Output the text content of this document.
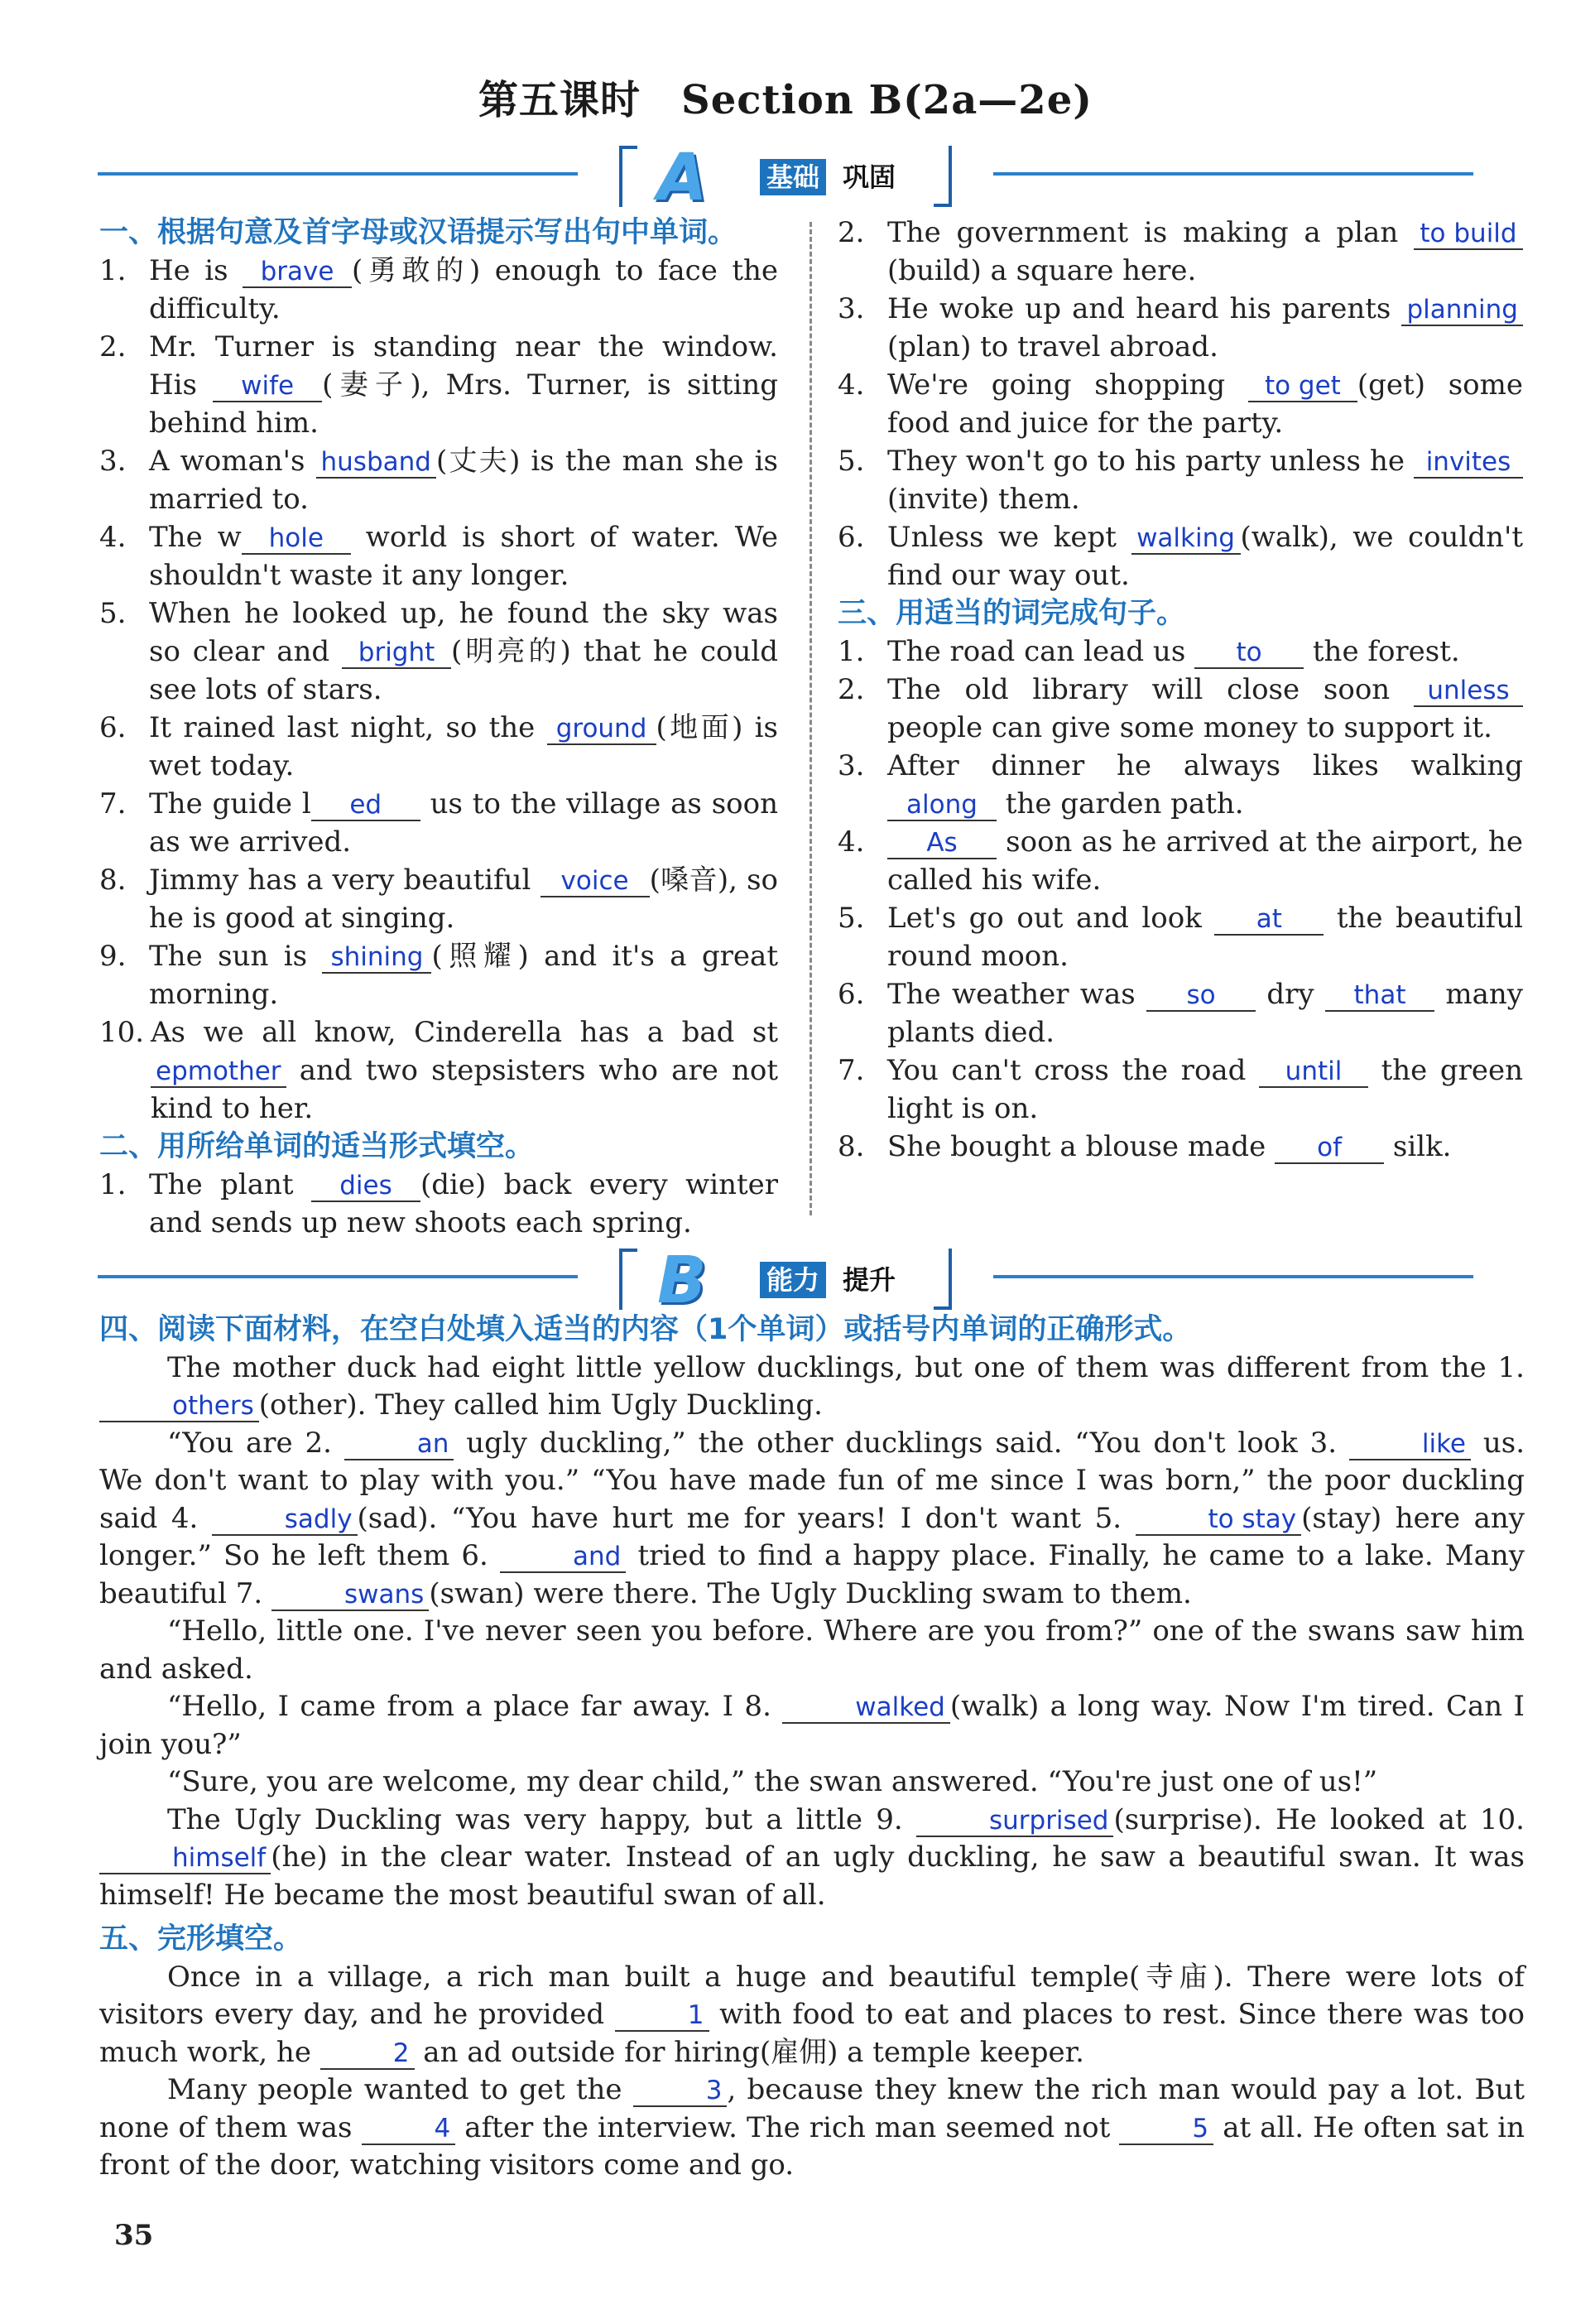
第五课时　Section B(2a—2e)
A 基础 巩固
一、根据句意及首字母或汉语提示写出句中单词。
1. He is brave (勇敢的) enough to face the difficulty.
2. Mr. Turner is standing near the window. His wife (妻子), Mrs. Turner, is sitting behind him.
3. A woman's husband (丈夫) is the man she is married to.
4. The w hole world is short of water. We shouldn't waste it any longer.
5. When he looked up, he found the sky was so clear and bright (明亮的) that he could see lots of stars.
6. It rained last night, so the ground (地面) is wet today.
7. The guide l ed us to the village as soon as we arrived.
8. Jimmy has a very beautiful voice (嗓音), so he is good at singing.
9. The sun is shining (照耀) and it's a great morning.
10. As we all know, Cinderella has a bad stepmother and two stepsisters who are not kind to her.
二、用所给单词的适当形式填空。
1. The plant dies (die) back every winter and sends up new shoots each spring.
2. The government is making a plan to build(build) a square here.
3. He woke up and heard his parents planning(plan) to travel abroad.
4. We're going shopping to get (get) some food and juice for the party.
5. They won't go to his party unless he invites(invite) them.
6. Unless we kept walking (walk), we couldn't find our way out.
三、用适当的词完成句子。
1. The road can lead us to the forest.
2. The old library will close soon unless people can give some money to support it.
3. After dinner he always likes walking along the garden path.
4.	As soon as he arrived at the airport, he called his wife.
5. Let's go out and look at the beautiful round moon.
6. The weather was so dry that many plants died.
7. You can't cross the road until the green light is on.
8. She bought a blouse made of silk.
B 能力 提升
四、阅读下面材料，在空白处填入适当的内容（1个单词）或括号内单词的正确形式。

The mother duck had eight little yellow ducklings, but one of them was different from the 1. others (other). They called him Ugly Duckling.

“You are 2.	an ugly duckling,” the other ducklings said. “You don't look 3.	like us. We don't want to play with you.” “You have made fun of me since I was born,” the poor duckling said 4.	sadly (sad). “You have hurt me for years! I don't want 5.	to stay (stay) here any longer.” So he left them 6.	and tried to find a happy place. Finally, he came to a lake. Many beautiful 7.	swans (swan) were there. The Ugly Duckling swam to them.

“Hello, little one. I've never seen you before. Where are you from?” one of the swans saw him and asked.

“Hello, I came from a place far away. I 8.	walked (walk) a long way. Now I'm tired. Can I join you?”

“Sure, you are welcome, my dear child,” the swan answered. “You're just one of us!”

The Ugly Duckling was very happy, but a little 9.	surprised (surprise). He looked at 10. himself (he) in the clear water. Instead of an ugly duckling, he saw a beautiful swan. It was himself! He became the most beautiful swan of all.

五、完形填空。

Once in a village, a rich man built a huge and beautiful temple(寺庙). There were lots of visitors every day, and he provided	1 with food to eat and places to rest. Since there was too much work, he	2 an ad outside for hiring(雇佣) a temple keeper.

Many people wanted to get the	3 , because they knew the rich man would pay a lot. But none of them was	4 after the interview. The rich man seemed not	5 at all. He often sat in front of the door, watching visitors come and go.

35
